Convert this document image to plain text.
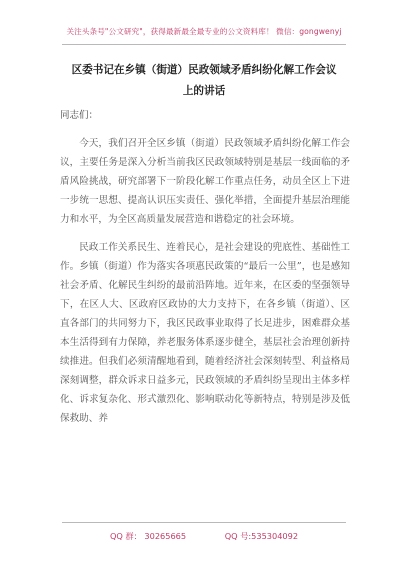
关注头条号"公文研究"，获得最新最全最专业的公文资料库！ 微信：gongwenyj
区委书记在乡镇（街道）民政领域矛盾纠纷化解工作会议
上的讲话
同志们：

今天，我们召开全区乡镇（街道）民政领域矛盾纠纷化解工作会议，主要任务是深入分析当前我区民政领域特别是基层一线面临的矛盾风险挑战，研究部署下一阶段化解工作重点任务，动员全区上下进一步统一思想、提高认识压实责任、强化举措，全面提升基层治理能力和水平，为全区高质量发展营造和谐稳定的社会环境。

民政工作关系民生、连着民心，是社会建设的兜底性、基础性工作。乡镇（街道）作为落实各项惠民政策的“最后一公里”，也是感知社会矛盾、化解民生纠纷的最前沿阵地。近年来，在区委的坚强领导下，在区人大、区政府区政协的大力支持下，在各乡镇（街道）、区直各部门的共同努力下，我区民政事业取得了长足进步，困难群众基本生活得到有力保障，养老服务体系逐步健全，基层社会治理创新持续推进。但我们必须清醒地看到，随着经济社会深刻转型、利益格局深刻调整，群众诉求日益多元，民政领域的矛盾纠纷呈现出主体多样化、诉求复杂化、形式激烈化、影响联动化等新特点，特别是涉及低保救助、养

QQ 群： 30265665	QQ 号:535304092
